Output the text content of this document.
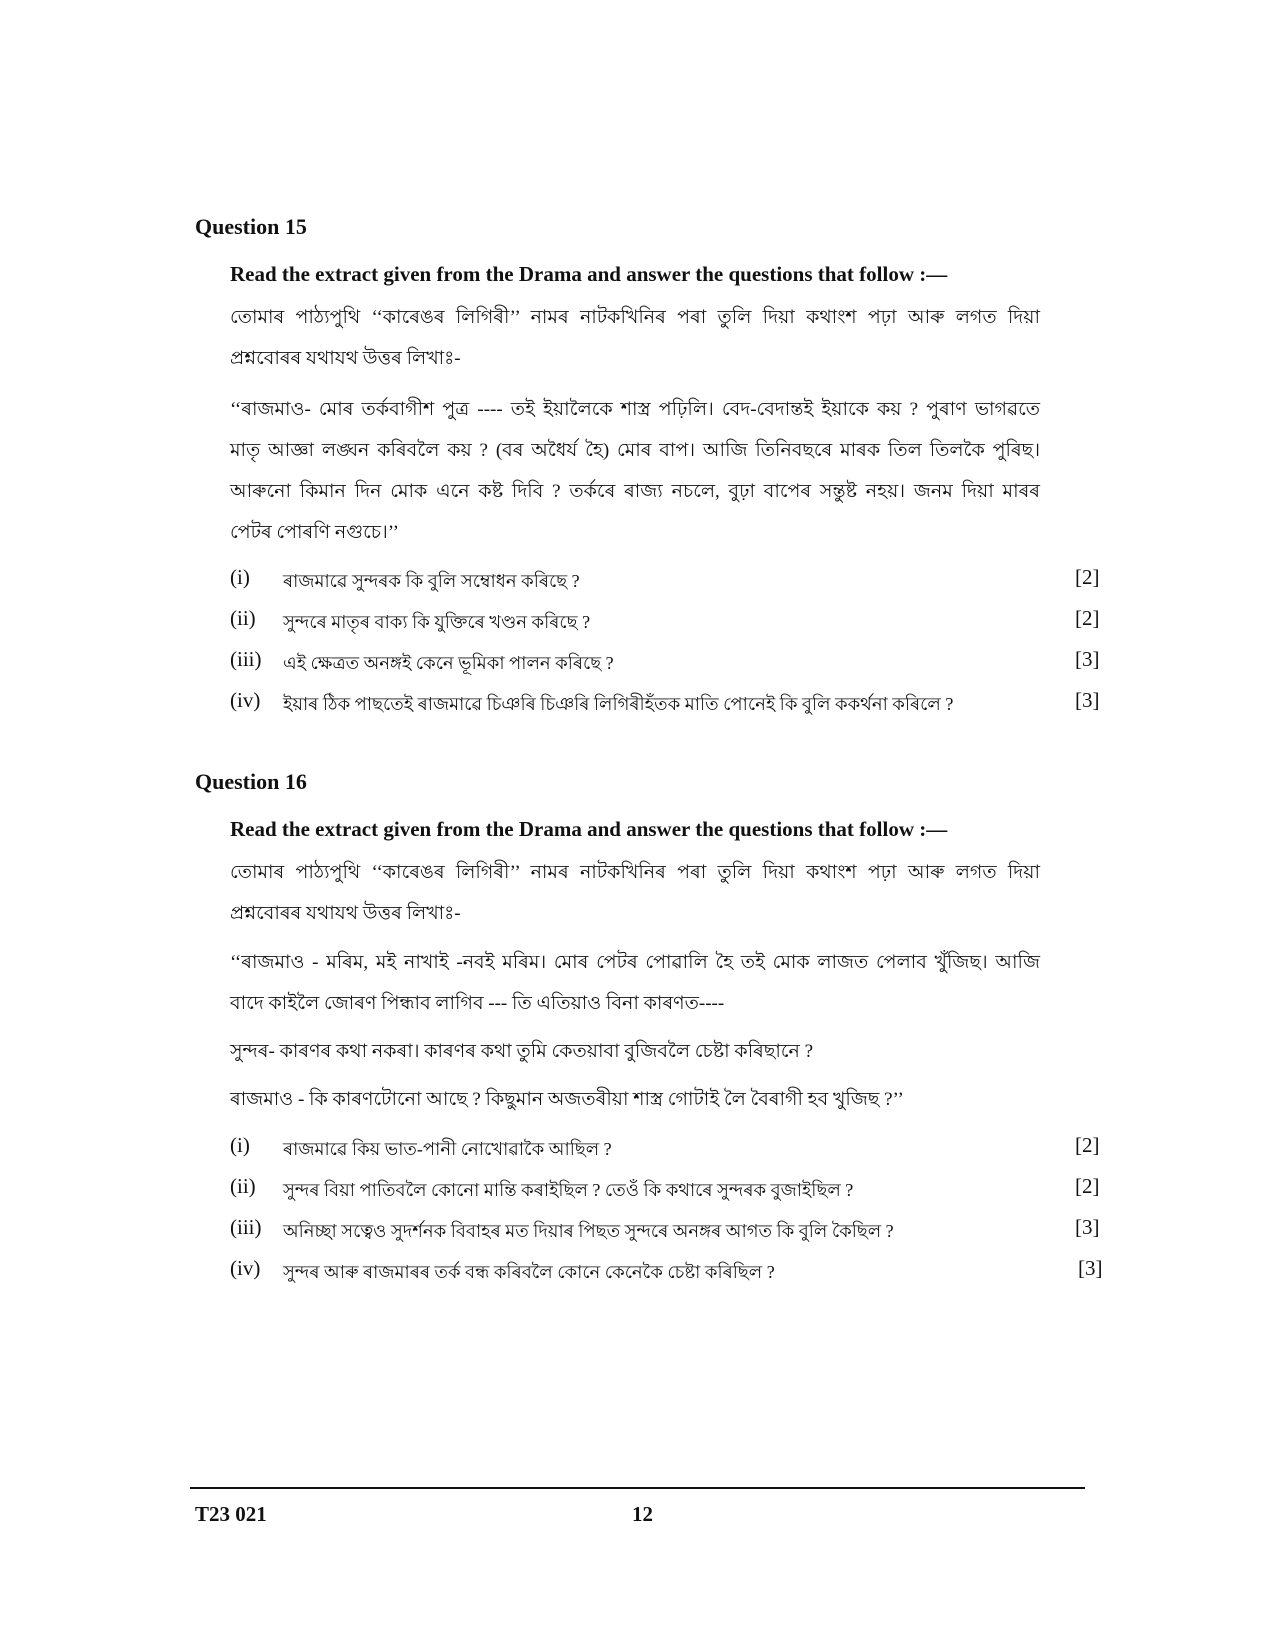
Question 15
Read the extract given from the Drama and answer the questions that follow :—
তোমাৰ পাঠ্যপুথি ‘‘কাৰেঙৰ লিগিৰী’’ নামৰ নাটকখিনিৰ পৰা তুলি দিয়া কথাংশ পঢ়া আৰু লগত দিয়া
প্ৰশ্নবোৰৰ যথাযথ উত্তৰ লিখাঃ-
‘‘ৰাজমাও- মোৰ তৰ্কবাগীশ পুত্ৰ ---- তই ইয়ালৈকে শাস্ত্ৰ পঢ়িলি। বেদ-বেদান্তই ইয়াকে কয় ? পুৰাণ ভাগৱতে
মাতৃ আজ্ঞা লঙ্ঘন কৰিবলৈ কয় ? (বৰ অধৈৰ্য হৈ) মোৰ বাপ। আজি তিনিবছৰে মাৰক তিল তিলকৈ পুৰিছ।
আৰুনো কিমান দিন মোক এনে কষ্ট দিবি ? তৰ্কৰে ৰাজ্য নচলে, বুঢ়া বাপেৰ সন্তুষ্ট নহয়। জনম দিয়া মাৰৰ
পেটৰ পোৰণি নগুচে।’’
(i) ৰাজমাৱে সুন্দৰক কি বুলি সম্বোধন কৰিছে ?	[2]
(ii) সুন্দৰে মাতৃৰ বাক্য কি যুক্তিৰে খণ্ডন কৰিছে ?	[2]
(iii) এই ক্ষেত্ৰত অনঙ্গই কেনে ভূমিকা পালন কৰিছে ?	[3]
(iv) ইয়াৰ ঠিক পাছতেই ৰাজমাৱে চিঞৰি চিঞৰি লিগিৰীহঁতক মাতি পোনেই কি বুলি ককৰ্থনা কৰিলে ?	[3]
Question 16
Read the extract given from the Drama and answer the questions that follow :—
তোমাৰ পাঠ্যপুথি ‘‘কাৰেঙৰ লিগিৰী’’ নামৰ নাটকখিনিৰ পৰা তুলি দিয়া কথাংশ পঢ়া আৰু লগত দিয়া
প্ৰশ্নবোৰৰ যথাযথ উত্তৰ লিখাঃ-
‘‘ৰাজমাও - মৰিম, মই নাখাই -নবই মৰিম। মোৰ পেটৰ পোৱালি হৈ তই মোক লাজত পেলাব খুঁজিছ। আজি
বাদে কাইলৈ জোৰণ পিন্ধাব লাগিব --- তি এতিয়াও বিনা কাৰণত----
সুন্দৰ- কাৰণৰ কথা নকৰা। কাৰণৰ কথা তুমি কেতয়াবা বুজিবলৈ চেষ্টা কৰিছানে ?
ৰাজমাও - কি কাৰণটোনো আছে ? কিছুমান অজতৰীয়া শাস্ত্ৰ গোটাই লৈ বৈৰাগী হব খুজিছ ?’’
(i) ৰাজমাৱে কিয় ভাত-পানী নোখোৱাকৈ আছিল ?	[2]
(ii) সুন্দৰ বিয়া পাতিবলৈ কোনো মান্তি কৰাইছিল ? তেওঁ কি কথাৰে সুন্দৰক বুজাইছিল ?	[2]
(iii) অনিচ্ছা সত্বেও সুদৰ্শনক বিবাহৰ মত দিয়াৰ পিছত সুন্দৰে অনঙ্গৰ আগত কি বুলি কৈছিল ?	[3]
(iv) সুন্দৰ আৰু ৰাজমাৰৰ তৰ্ক বন্ধ কৰিবলৈ কোনে কেনেকৈ চেষ্টা কৰিছিল ?	[3]
T23 021	12
